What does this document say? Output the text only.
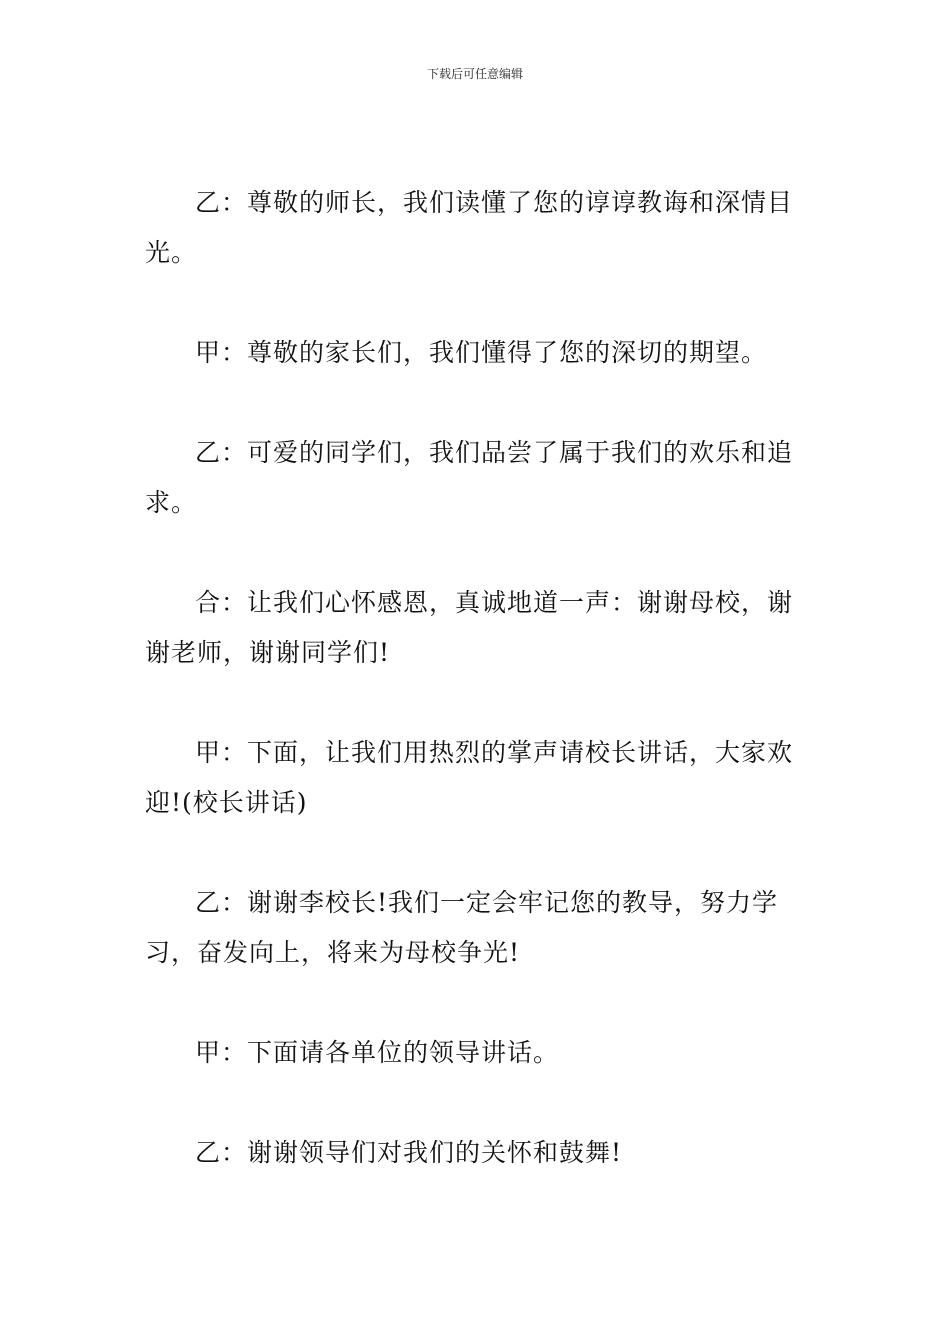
下载后可任意编辑

乙：尊敬的师长，我们读懂了您的谆谆教诲和深情目光。

甲：尊敬的家长们，我们懂得了您的深切的期望。

乙：可爱的同学们，我们品尝了属于我们的欢乐和追求。

合：让我们心怀感恩，真诚地道一声：谢谢母校，谢谢老师，谢谢同学们!

甲：下面，让我们用热烈的掌声请校长讲话，大家欢迎!(校长讲话)

乙：谢谢李校长!我们一定会牢记您的教导，努力学习，奋发向上，将来为母校争光!

甲：下面请各单位的领导讲话。

乙：谢谢领导们对我们的关怀和鼓舞!
